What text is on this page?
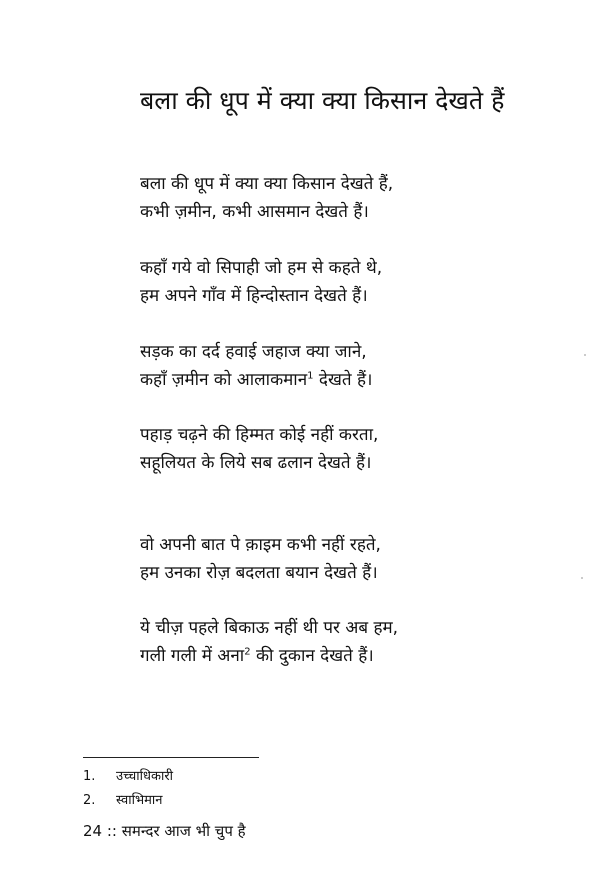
बला की धूप में क्या क्या किसान देखते हैं
बला की धूप में क्या क्या किसान देखते हैं,
कभी ज़मीन, कभी आसमान देखते हैं।
कहाँ गये वो सिपाही जो हम से कहते थे,
हम अपने गाँव में हिन्दोस्तान देखते हैं।
सड़क का दर्द हवाई जहाज क्या जाने,
कहाँ ज़मीन को आलाकमान$^1$ देखते हैं।
पहाड़ चढ़ने की हिम्मत कोई नहीं करता,
सहूलियत के लिये सब ढलान देखते हैं।
वो अपनी बात पे क़ाइम कभी नहीं रहते,
हम उनका रोज़ बदलता बयान देखते हैं।
ये चीज़ पहले बिकाऊ नहीं थी पर अब हम,
गली गली में अना$^2$ की दुकान देखते हैं।
1. उच्चाधिकारी
2. स्वाभिमान
24 :: समन्दर आज भी चुप है
